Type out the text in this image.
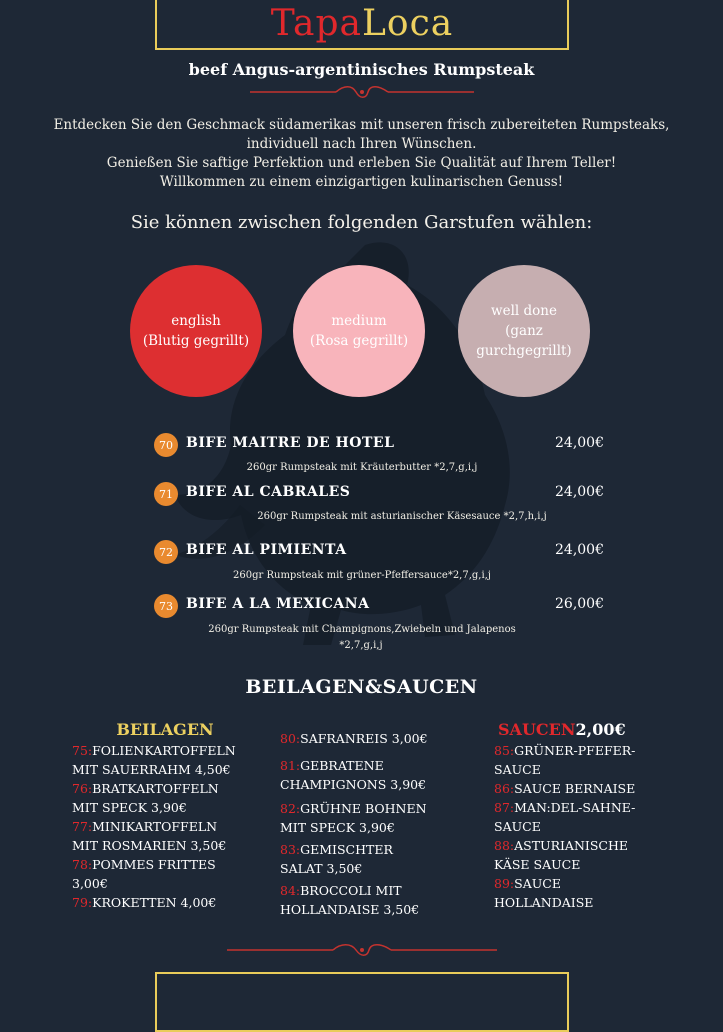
TapaLoca
beef Angus-argentinisches Rumpsteak
Entdecken Sie den Geschmack südamerikas mit unseren frisch zubereiteten Rumpsteaks,
individuell nach Ihren Wünschen.
Genießen Sie saftige Perfektion und erleben Sie Qualität auf Ihrem Teller!
Willkommen zu einem einzigartigen kulinarischen Genuss!
Sie können zwischen folgenden Garstufen wählen:
english
(Blutig gegrillt)
medium
(Rosa gegrillt)
well done
(ganz gurchgegrillt)
70 BIFE MAITRE DE HOTEL	24,00€
260gr Rumpsteak mit Kräuterbutter *2,7,g,i,j
71 BIFE AL CABRALES	24,00€
260gr Rumpsteak mit asturianischer Käsesauce *2,7,h,i,j
72 BIFE AL PIMIENTA	24,00€
260gr Rumpsteak mit grüner-Pfeffersauce*2,7,g,i,j
73 BIFE A LA MEXICANA	26,00€
260gr Rumpsteak mit Champignons,Zwiebeln und Jalapenos
*2,7,g,i,j
BEILAGEN&SAUCEN
BEILAGEN
75:FOLIENKARTOFFELN
MIT SAUERRAHM 4,50€
76:BRATKARTOFFELN
MIT SPECK 3,90€
77:MINIKARTOFFELN
MIT ROSMARIEN 3,50€
78:POMMES FRITTES
3,00€
79:KROKETTEN 4,00€
80:SAFRANREIS 3,00€
81:GEBRATENE
CHAMPIGNONS 3,90€
82:GRÜHNE BOHNEN
MIT SPECK 3,90€
83:GEMISCHTER
SALAT 3,50€
84:BROCCOLI MIT
HOLLANDAISE 3,50€
SAUCEN2,00€
85:GRÜNER-PFEFER-
SAUCE
86:SAUCE BERNAISE
87:MAN:DEL-SAHNE-
SAUCE
88:ASTURIANISCHE
KÄSE SAUCE
89:SAUCE
HOLLANDAISE
